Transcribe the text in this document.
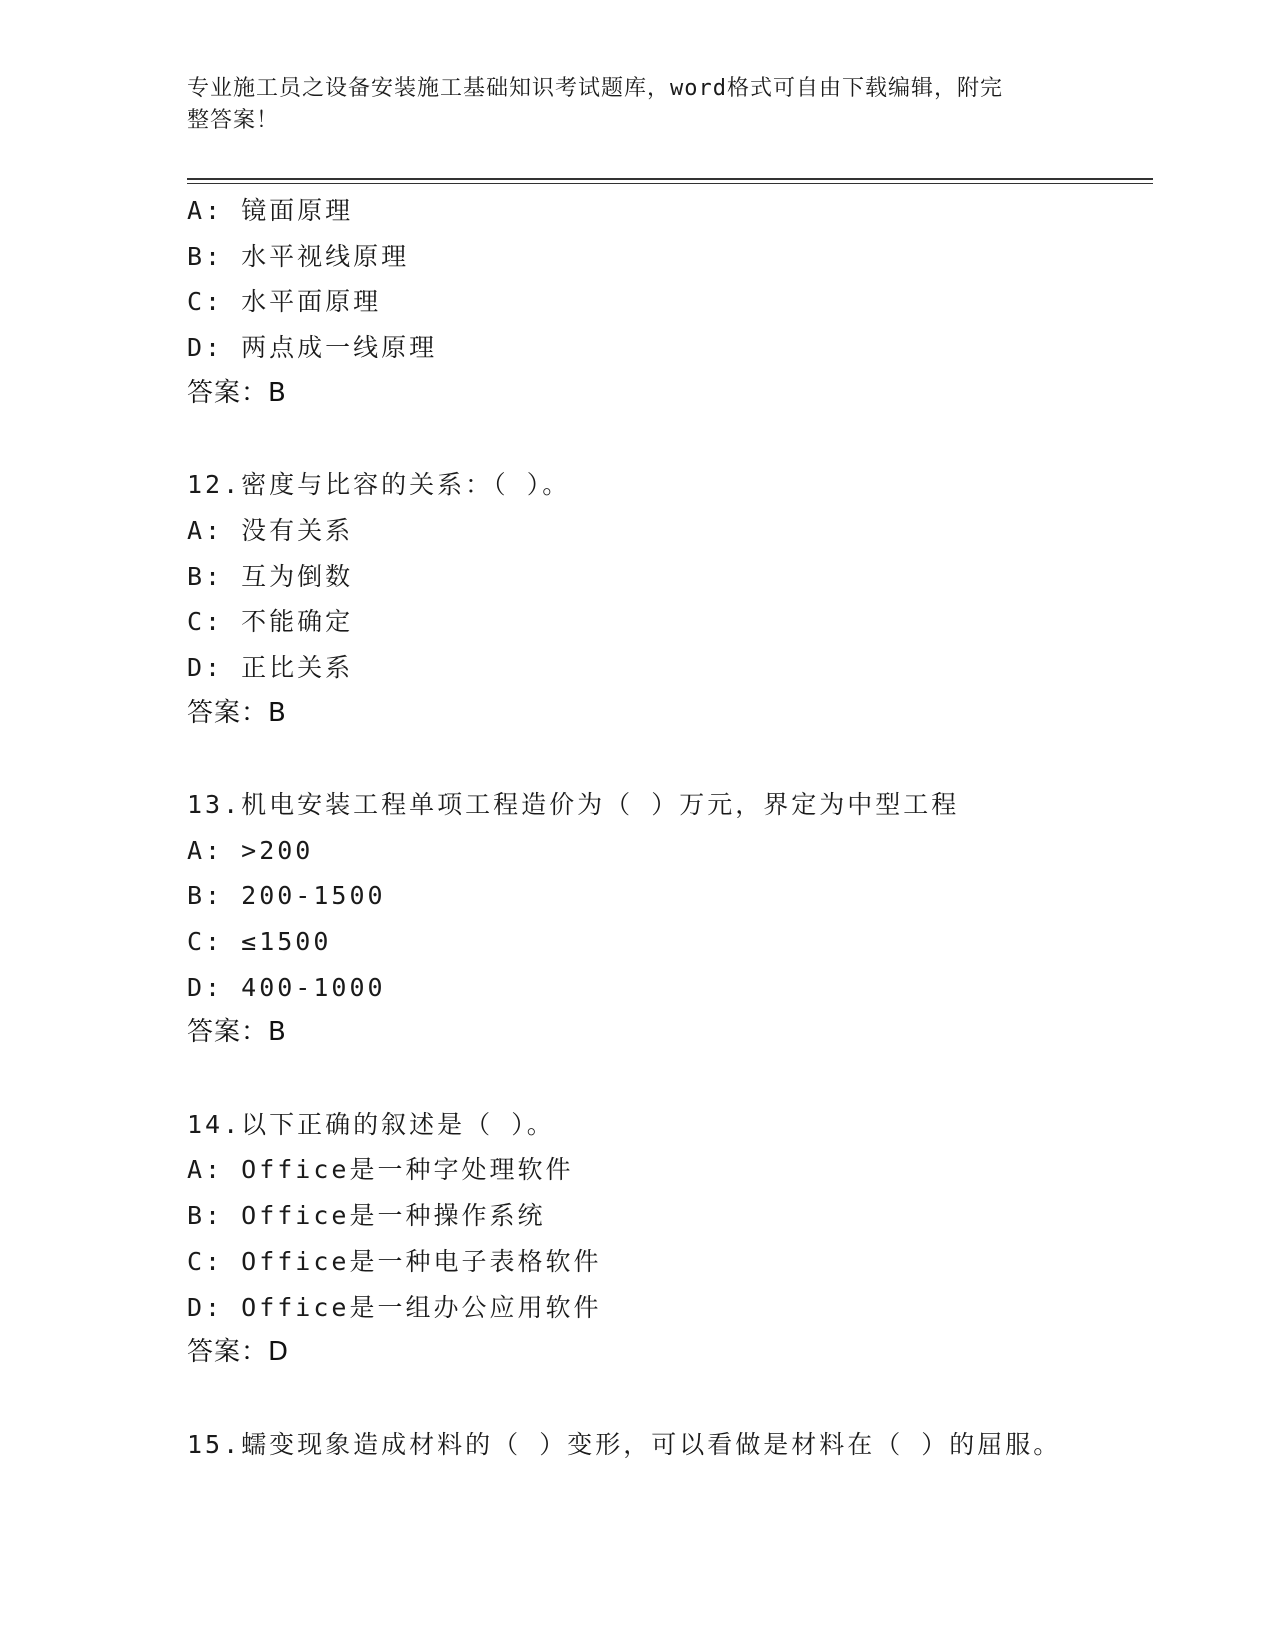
专业施工员之设备安装施工基础知识考试题库，word格式可自由下载编辑，附完
整答案！
A: 镜面原理
B: 水平视线原理
C: 水平面原理
D: 两点成一线原理
答案：B
12.密度与比容的关系：（ ）。
A: 没有关系
B: 互为倒数
C: 不能确定
D: 正比关系
答案：B
13.机电安装工程单项工程造价为（ ）万元，界定为中型工程
A: >200
B: 200-1500
C: ≤1500
D: 400-1000
答案：B
14.以下正确的叙述是（ ）。
A: Office是一种字处理软件
B: Office是一种操作系统
C: Office是一种电子表格软件
D: Office是一组办公应用软件
答案：D
15.蠕变现象造成材料的（ ）变形，可以看做是材料在（ ）的屈服。
